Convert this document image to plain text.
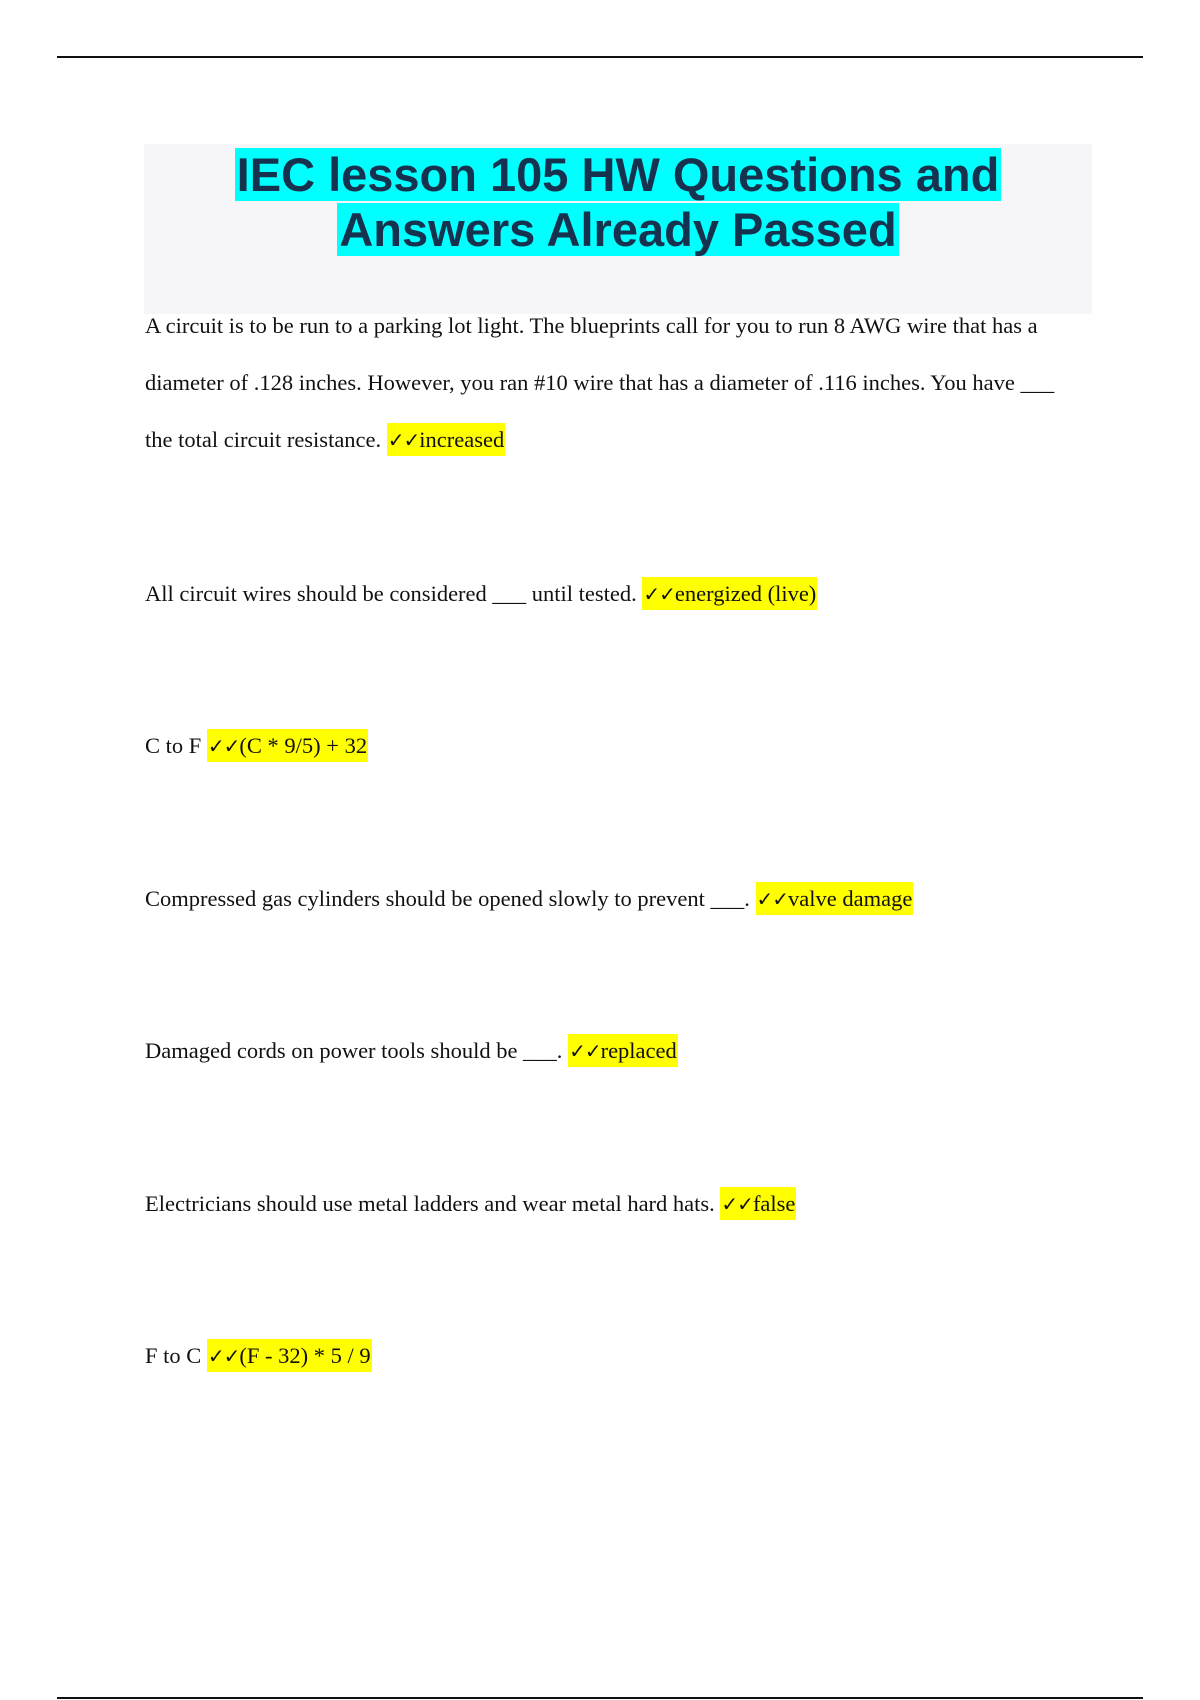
IEC lesson 105 HW Questions and
Answers Already Passed

A circuit is to be run to a parking lot light. The blueprints call for you to run 8 AWG wire that has a diameter of .128 inches. However, you ran #10 wire that has a diameter of .116 inches. You have ___ the total circuit resistance. ✓✓increased

All circuit wires should be considered ___ until tested. ✓✓energized (live)

C to F ✓✓(C * 9/5) + 32

Compressed gas cylinders should be opened slowly to prevent ___. ✓✓valve damage

Damaged cords on power tools should be ___. ✓✓replaced

Electricians should use metal ladders and wear metal hard hats. ✓✓false

F to C ✓✓(F - 32) * 5 / 9
